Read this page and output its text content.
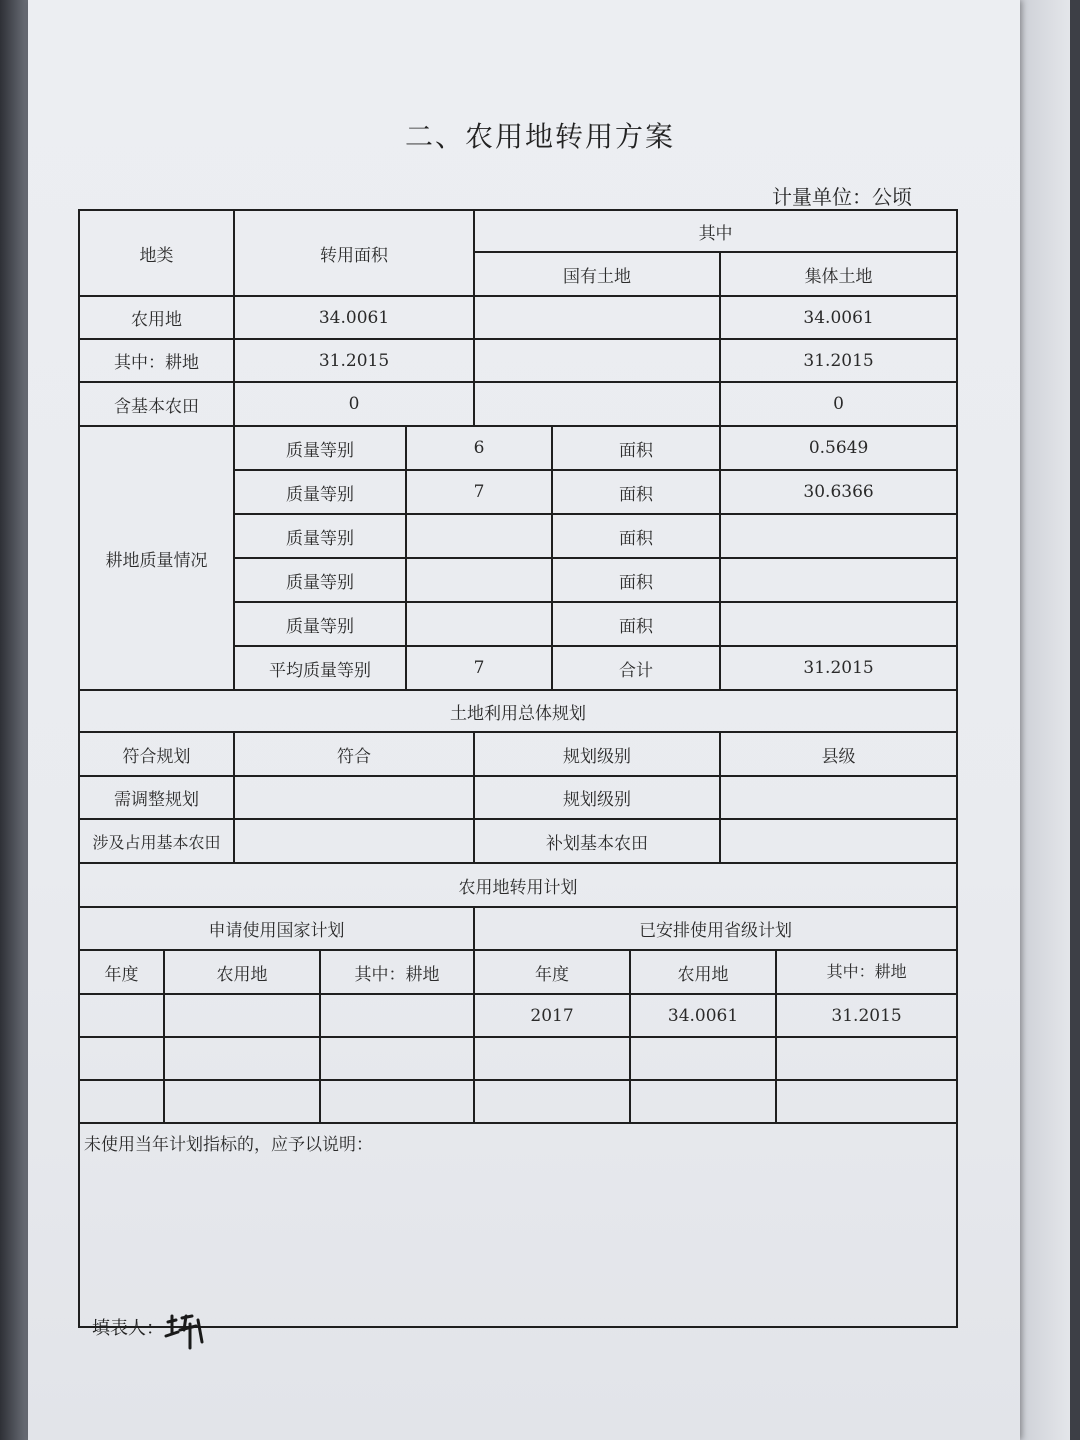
二、农用地转用方案
计量单位：公顷
地类		转用面积			其中				
					国有土地			集体土地	
农用地		34.0061						34.0061	
其中：耕地		31.2015						31.2015	
含基本农田		0						0	
耕地质量情况		质量等别		6		面积		0.5649	
		质量等别		7		面积		30.6366	
		质量等别				面积			
		质量等别				面积			
		质量等别				面积			
		平均质量等别		7		合计		31.2015	
土地利用总体规划									
符合规划		符合			规划级别			县级	
需调整规划					规划级别				
涉及占用基本农田					补划基本农田				
农用地转用计划									
申请使用国家计划					已安排使用省级计划				
年度	农用地		其中：耕地		年度		农用地		其中：耕地
					2017		34.0061		31.2015

未使用当年计划指标的，应予以说明：									
填表人：
